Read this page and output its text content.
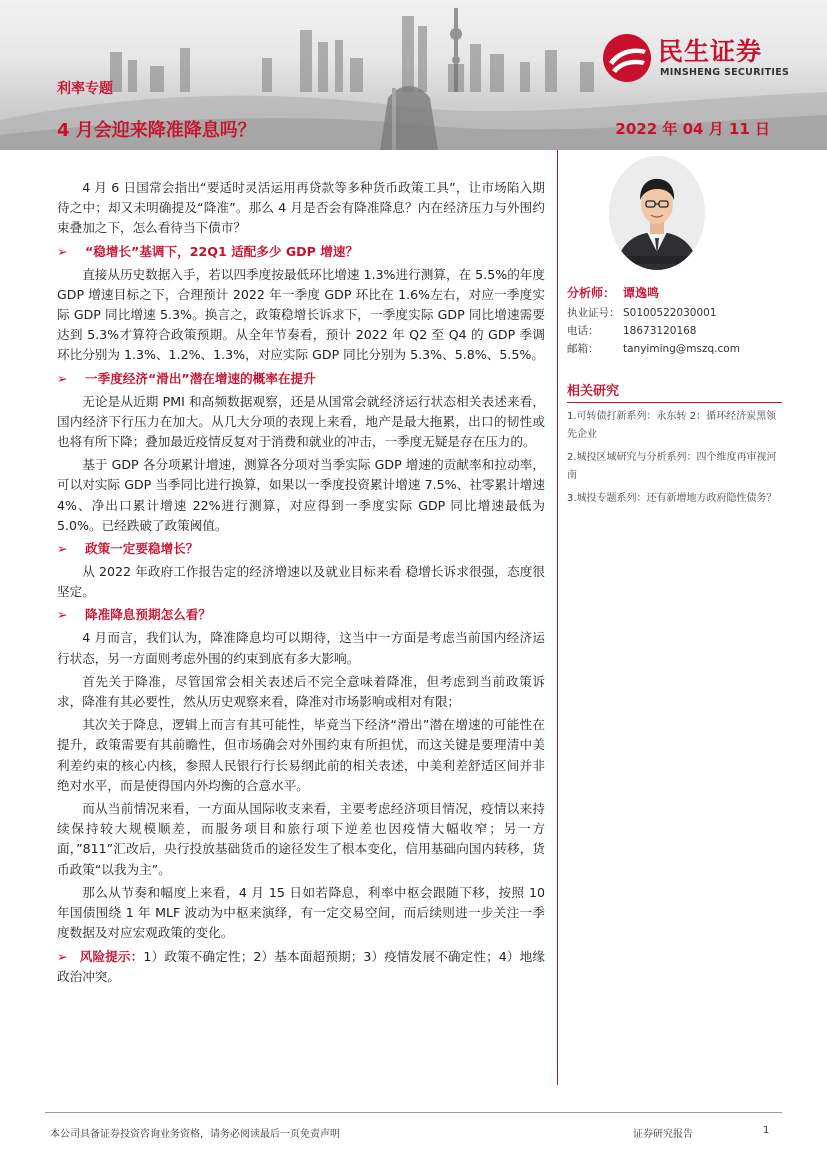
利率专题
4 月会迎来降准降息吗？	2022 年 04 月 11 日
民生证券
MINSHENG SECURITIES

4 月 6 日国常会指出“要适时灵活运用再贷款等多种货币政策工具”，让市场陷入期待之中；却又未明确提及“降准”。那么 4 月是否会有降准降息？内在经济压力与外围约束叠加之下，怎么看待当下债市？

➢ “稳增长”基调下，22Q1 适配多少 GDP 增速？

直接从历史数据入手，若以四季度按最低环比增速 1.3%进行测算，在 5.5%的年度 GDP 增速目标之下，合理预计 2022 年一季度 GDP 环比在 1.6%左右，对应一季度实际 GDP 同比增速 5.3%。换言之，政策稳增长诉求下，一季度实际 GDP 同比增速需要达到 5.3%才算符合政策预期。从全年节奏看，预计 2022 年 Q2 至 Q4 的 GDP 季调环比分别为 1.3%、1.2%、1.3%，对应实际 GDP 同比分别为 5.3%、5.8%、5.5%。

➢ 一季度经济“滑出”潜在增速的概率在提升

无论是从近期 PMI 和高频数据观察，还是从国常会就经济运行状态相关表述来看，国内经济下行压力在加大。从几大分项的表现上来看，地产是最大拖累，出口的韧性或也将有所下降；叠加最近疫情反复对于消费和就业的冲击，一季度无疑是存在压力的。

基于 GDP 各分项累计增速，测算各分项对当季实际 GDP 增速的贡献率和拉动率，可以对实际 GDP 当季同比进行换算，如果以一季度投资累计增速 7.5%、社零累计增速 4%、净出口累计增速 22%进行测算，对应得到一季度实际 GDP 同比增速最低为 5.0%。已经跌破了政策阈值。

➢ 政策一定要稳增长？

从 2022 年政府工作报告定的经济增速以及就业目标来看 稳增长诉求很强，态度很坚定。

➢ 降准降息预期怎么看？

4 月而言，我们认为，降准降息均可以期待，这当中一方面是考虑当前国内经济运行状态，另一方面则考虑外围的约束到底有多大影响。

首先关于降准，尽管国常会相关表述后不完全意味着降准，但考虑到当前政策诉求，降准有其必要性，然从历史观察来看，降准对市场影响或相对有限；

其次关于降息，逻辑上而言有其可能性，毕竟当下经济“滑出”潜在增速的可能性在提升，政策需要有其前瞻性，但市场确会对外围约束有所担忧，而这关键是要理清中美利差约束的核心内核，参照人民银行行长易纲此前的相关表述，中美利差舒适区间并非绝对水平，而是使得国内外均衡的合意水平。

而从当前情况来看，一方面从国际收支来看，主要考虑经济项目情况，疫情以来持续保持较大规模顺差，而服务项目和旅行项下逆差也因疫情大幅收窄；另一方面，”811”汇改后，央行投放基础货币的途径发生了根本变化，信用基础向国内转移，货币政策“以我为主”。

那么从节奏和幅度上来看，4 月 15 日如若降息，利率中枢会跟随下移，按照 10 年国债围绕 1 年 MLF 波动为中枢来演绎，有一定交易空间，而后续则进一步关注一季度数据及对应宏观政策的变化。

➢ 风险提示：1）政策不确定性；2）基本面超预期；3）疫情发展不确定性；4）地缘政治冲突。
分析师： 谭逸鸣
执业证号： S0100522030001
电话：	18673120168
邮箱：	tanyiming@mszq.com
相关研究
1.可转债打新系列：永东转 2：循环经济炭黑领先企业
2.城投区域研究与分析系列：四个维度再审视河南
3.城投专题系列：还有新增地方政府隐性债务？
本公司具备证券投资咨询业务资格，请务必阅读最后一页免责声明	证券研究报告	1
